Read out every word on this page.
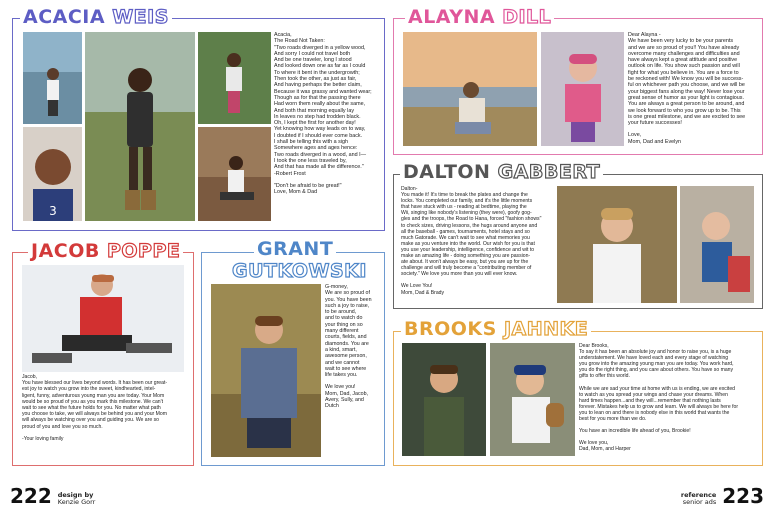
ACACIA WEIS
3

Acacia,

The Road Not Taken:

"Two roads diverged in a yellow wood,

And sorry I could not travel both

And be one traveler, long I stood

And looked down one as far as I could

To where it bent in the undergrowth;

Then took the other, as just as fair,

And having perhaps the better claim,

Because it was grassy and wanted wear;

Though as for that the passing there

Had worn them really about the same,

And both that morning equally lay

In leaves no step had trodden black.

Oh, I kept the first for another day!

Yet knowing how way leads on to way,

I doubted if I should ever come back.

I shall be telling this with a sigh

Somewhere ages and ages hence:

Two roads diverged in a wood, and I—

I took the one less traveled by,

And that has made all the difference."

-Robert Frost

"Don't be afraid to be great!"

Love, Mom & Dad

ALAYNA DILL

Dear Alayna -

We have been very lucky to be your parents

and we are so proud of you!! You have already

overcome many challenges and difficulties and

have always kept a great attitude and positive

outlook on life. You show such passion and will

fight for what you believe in. You are a force to

be reckoned with! We know you will be success-

ful on whichever path you choose, and we will be

your biggest fans along the way! Never lose your

great sense of humor as your light is contagious.

You are always a great person to be around, and

we look forward to who you grow up to be. This

is one great milestone, and we are excited to see

your future successes!

Love,

Mom, Dad and Evelyn

DALTON GABBERT

Dalton-

You made it! It's time to break the plates and change the

locks. You completed our family, and it's the little moments

that have stuck with us - reading at bedtime, playing the

Wii, singing like nobody's listening (they were), goofy gog-

gles and the troops, the Road to Hana, forced "fashion shows"

to check sizes, driving lessons, the hugs around anyone and

all the baseball - games, tournaments, hotel stays and so

much Gatorade. We can't wait to see what memories you

make as you venture into the world. Our wish for you is that

you use your leadership, intelligence, confidence and wit to

make an amazing life - doing something you are passion-

ate about. It won't always be easy, but you are up for the

challenge and will truly become a "contributing member of

society." We love you more than you will ever know.

We Love You!

Mom, Dad & Brady

JACOB POPPE

Jacob,

You have blessed our lives beyond words. It has been our great-

est joy to watch you grow into the sweet, kindhearted, intel-

ligent, funny, adventurous young man you are today. Your Mom

would be so proud of you as you mark this milestone. We can't

wait to see what the future holds for you. No matter what path

you choose to take, we will always be behind you and your Mom

will always be watching over you and guiding you. We are so

proud of you and love you so much.

-Your loving family

GRANT
GUTKOWSKI

G-money,

We are so proud of

you. You have been

such a joy to raise,

to be around,

and to watch do

your thing on so

many different

courts, fields, and

diamonds. You are

a kind, smart,

awesome person,

and we cannot

wait to see where

life takes you.

We love you!

Mom, Dad, Jacob,

Avery, Sully, and

Dutch

BROOKS JAHNKE

Dear Brooks,

To say it has been an absolute joy and honor to raise you, is a huge

understatement. We have loved each and every stage of watching

you grow into the amazing young man you are today. You work hard,

you do the right thing, and you care about others. You have so many

gifts to offer this world.

While we are sad your time at home with us is ending, we are excited

to watch as you spread your wings and chase your dreams. When

hard times happen...and they will...remember that nothing lasts

forever. Mistakes help us to grow and learn. We will always be here for

you to lean on and there is nobody else in this world that wants the

best for you more than we do.

You have an incredible life ahead of you, Brookie!

We love you,

Dad, Mom, and Harper

222 design by
Kenzie Gorr
reference
senior ads 223
